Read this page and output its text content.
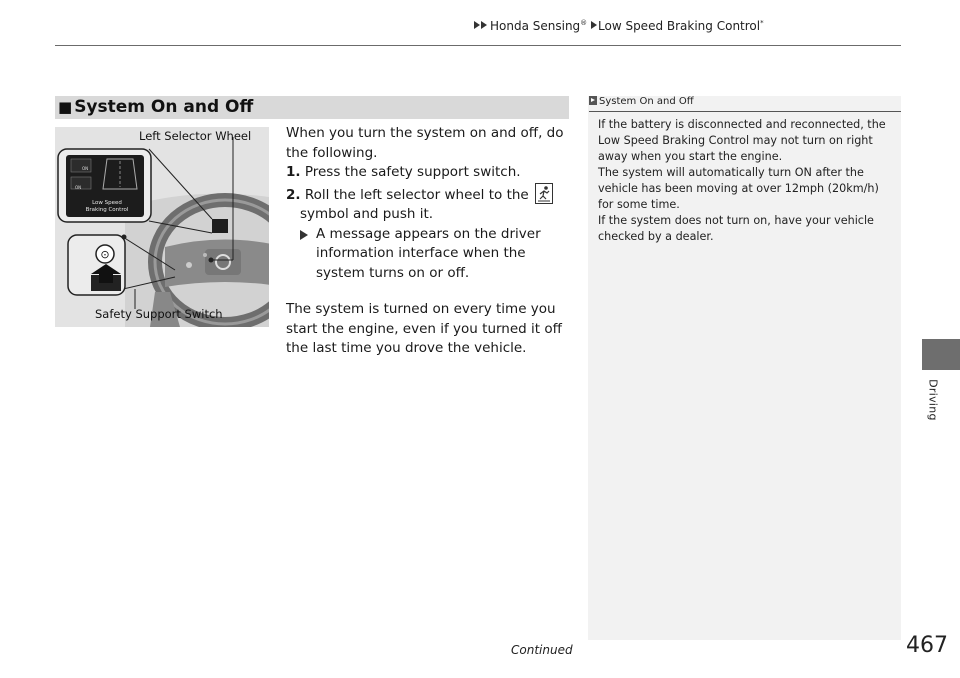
Honda Sensing® Low Speed Braking Control*
Driving
■ System On and Off
ON
ON
Low Speed
Braking Control
⊙
Left Selector Wheel
Safety Support Switch

When you turn the system on and off, do the following.

1. Press the safety support switch.

2. Roll the left selector wheel to the

symbol and push it.

A message appears on the driver information interface when the system turns on or off.

The system is turned on every time you start the engine, even if you turned it off the last time you drove the vehicle.

System On and Off
If the battery is disconnected and reconnected, the Low Speed Braking Control may not turn on right away when you start the engine.
The system will automatically turn ON after the vehicle has been moving at over 12mph (20km/h) for some time.
If the system does not turn on, have your vehicle checked by a dealer.
Continued	467
